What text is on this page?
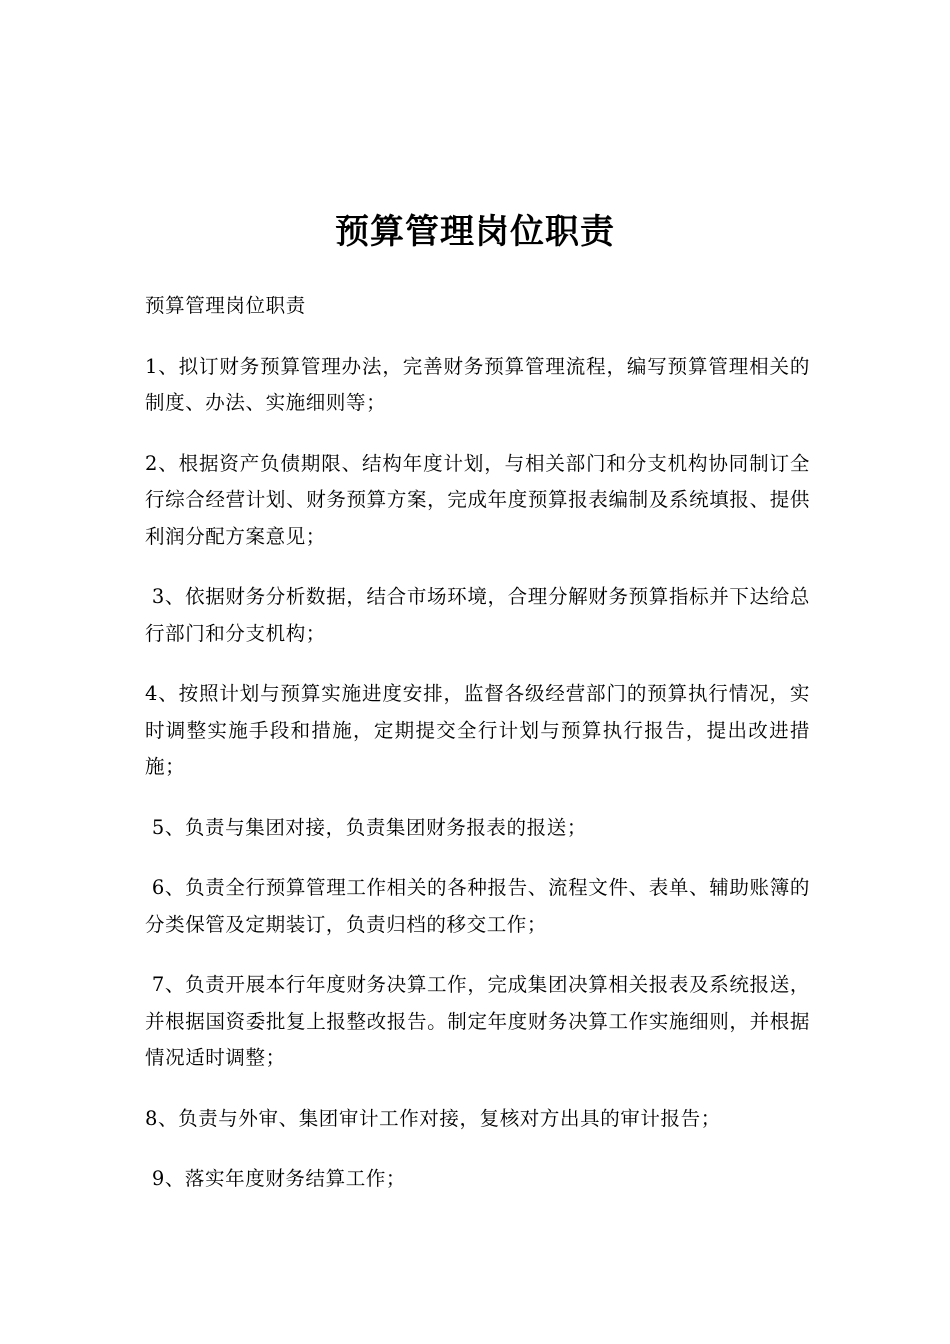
预算管理岗位职责

预算管理岗位职责

1、拟订财务预算管理办法，完善财务预算管理流程，编写预算管理相关的制度、办法、实施细则等；

2、根据资产负债期限、结构年度计划，与相关部门和分支机构协同制订全行综合经营计划、财务预算方案，完成年度预算报表编制及系统填报、提供利润分配方案意见；

3、依据财务分析数据，结合市场环境，合理分解财务预算指标并下达给总行部门和分支机构；

4、按照计划与预算实施进度安排，监督各级经营部门的预算执行情况，实时调整实施手段和措施，定期提交全行计划与预算执行报告，提出改进措施；

5、负责与集团对接，负责集团财务报表的报送；

6、负责全行预算管理工作相关的各种报告、流程文件、表单、辅助账簿的分类保管及定期装订，负责归档的移交工作；

7、负责开展本行年度财务决算工作，完成集团决算相关报表及系统报送，并根据国资委批复上报整改报告。制定年度财务决算工作实施细则，并根据情况适时调整；

8、负责与外审、集团审计工作对接，复核对方出具的审计报告；

9、落实年度财务结算工作；
